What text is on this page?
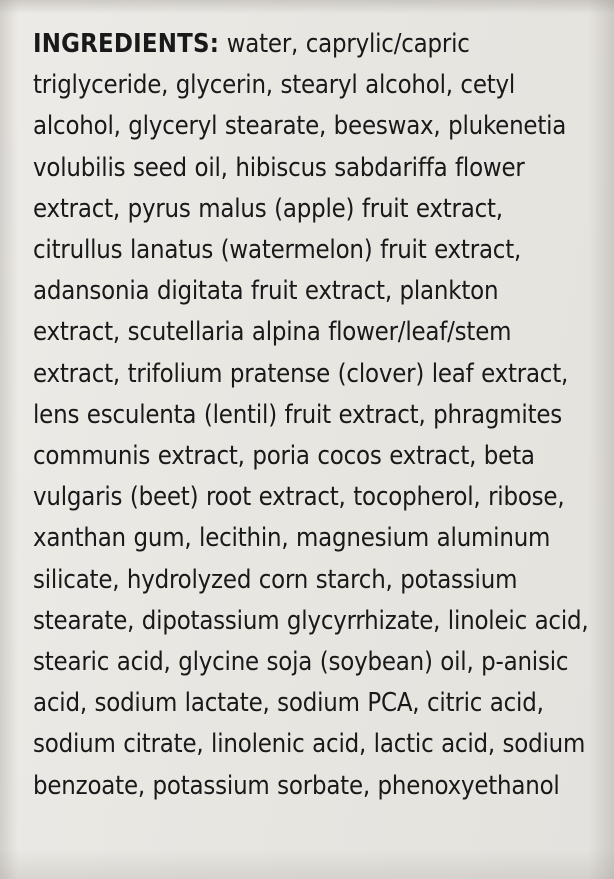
INGREDIENTS: water, caprylic/capric triglyceride, glycerin, stearyl alcohol, cetyl alcohol, glyceryl stearate, beeswax, plukenetia volubilis seed oil, hibiscus sabdariffa flower extract, pyrus malus (apple) fruit extract, citrullus lanatus (watermelon) fruit extract, adansonia digitata fruit extract, plankton extract, scutellaria alpina flower/leaf/stem extract, trifolium pratense (clover) leaf extract, lens esculenta (lentil) fruit extract, phragmites communis extract, poria cocos extract, beta vulgaris (beet) root extract, tocopherol, ribose, xanthan gum, lecithin, magnesium aluminum silicate, hydrolyzed corn starch, potassium stearate, dipotassium glycyrrhizate, linoleic acid, stearic acid, glycine soja (soybean) oil, p-anisic acid, sodium lactate, sodium PCA, citric acid, sodium citrate, linolenic acid, lactic acid, sodium benzoate, potassium sorbate, phenoxyethanol
